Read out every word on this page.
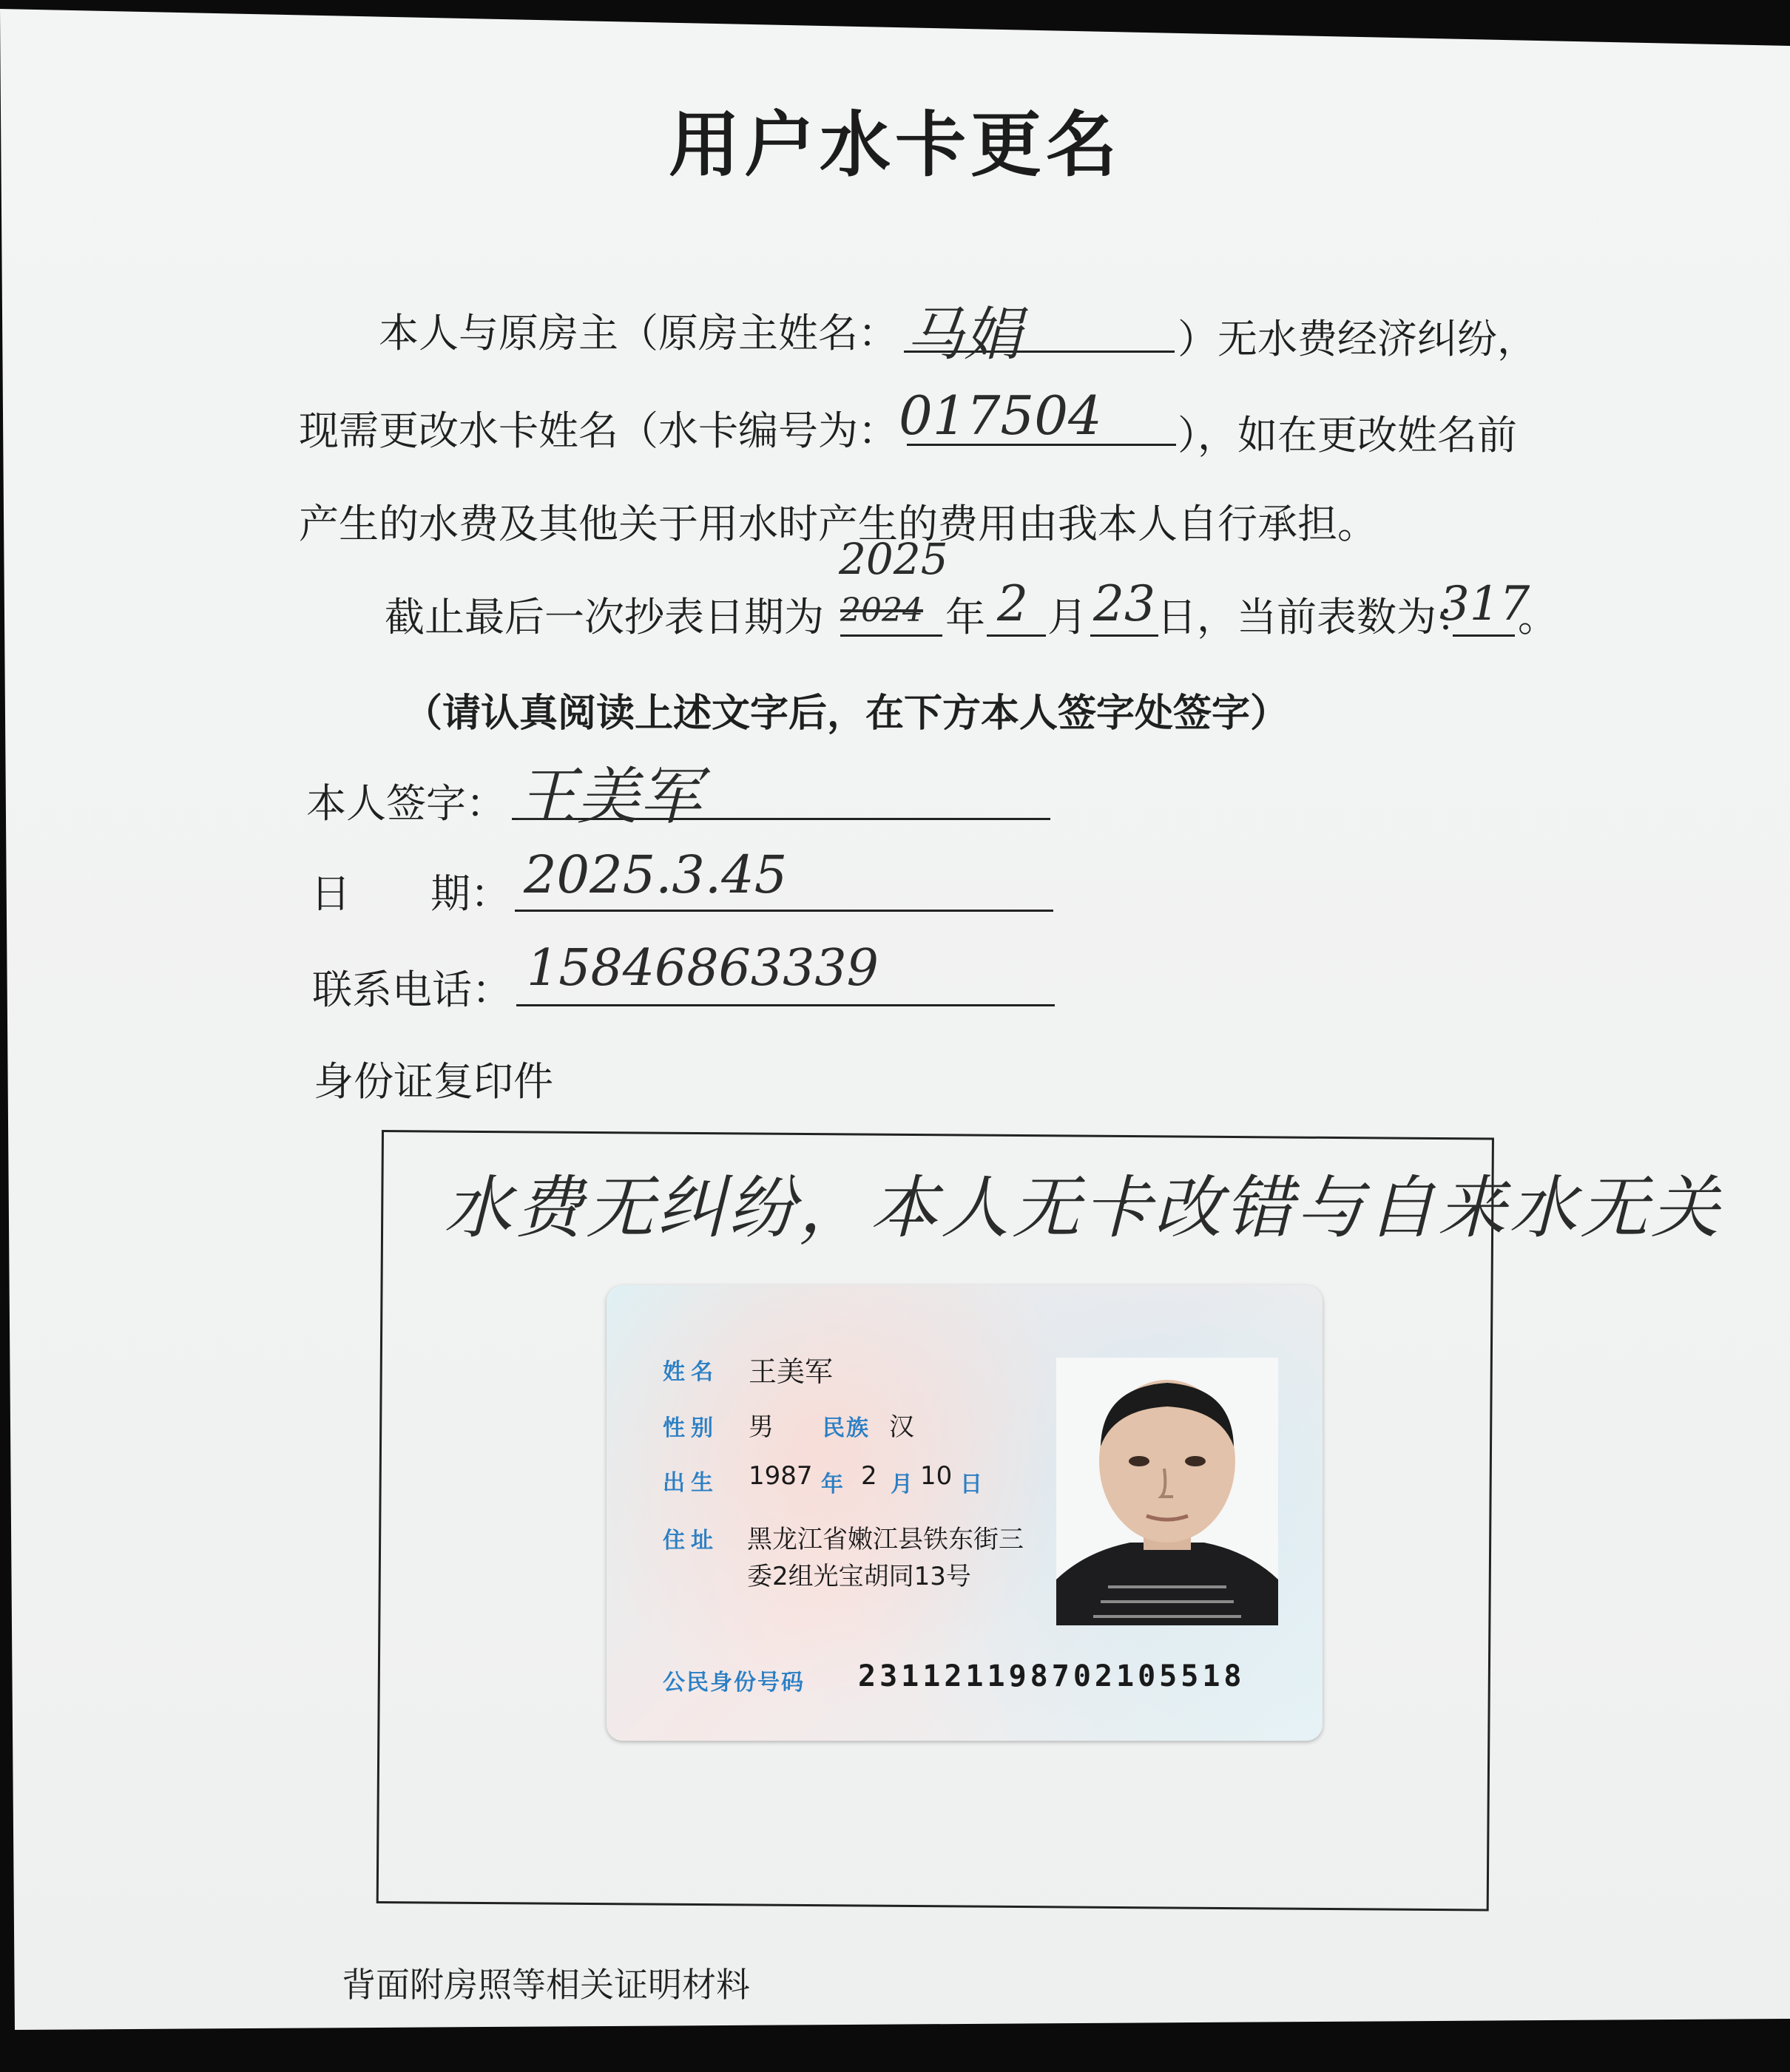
用户水卡更名
本人与原房主（原房主姓名： 马娟	）无水费经济纠纷，
现需更改水卡姓名（水卡编号为： 017504 ），如在更改姓名前
产生的水费及其他关于用水时产生的费用由我本人自行承担。
截止最后一次抄表日期为 2024
2025
年 2 月 23 日，当前表数为：
317
。
（请认真阅读上述文字后，在下方本人签字处签字）
本人签字： 王美军
日　　期： 2025.3.45
联系电话： 15846863339
身份证复印件
水费无纠纷，本人无卡改错与自来水无关
姓名 王美军
性别 男 民族 汉
出生 1987 年 2 月 10 日
住址 黑龙江省嫩江县铁东街三
委2组光宝胡同13号
公民身份号码 231121198702105518
背面附房照等相关证明材料
